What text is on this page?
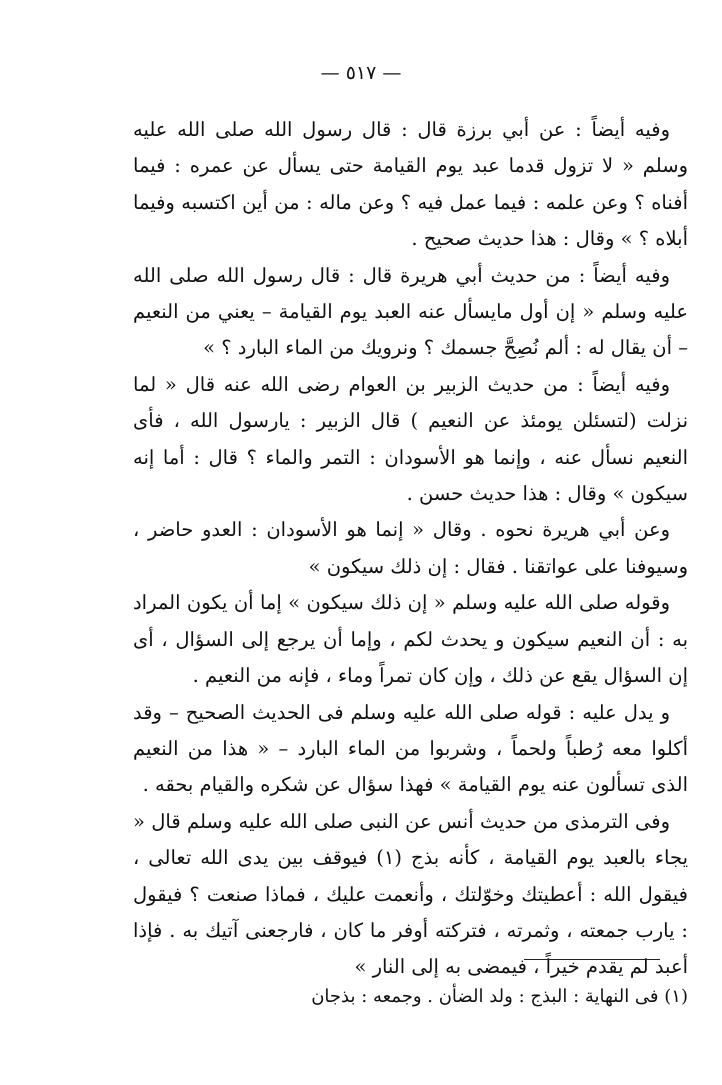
— ٥١٧ —

وفيه أيضاً : عن أبي برزة قال : قال رسول الله صلى الله عليه وسلم « لا تزول قدما عبد يوم القيامة حتى يسأل عن عمره : فيما أفناه ؟ وعن علمه : فيما عمل فيه ؟ وعن ماله : من أين اكتسبه وفيما أبلاه ؟ » وقال : هذا حديث صحيح .

وفيه أيضاً : من حديث أبي هريرة قال : قال رسول الله صلى الله عليه وسلم « إن أول مايسأل عنه العبد يوم القيامة – يعني من النعيم – أن يقال له : ألم نُصِحَّ جسمك ؟ ونرويك من الماء البارد ؟ »

وفيه أيضاً : من حديث الزبير بن العوام رضى الله عنه قال « لما نزلت (لتسئلن يومئذ عن النعيم ) قال الزبير : يارسول الله ، فأى النعيم نسأل عنه ، وإنما هو الأسودان : التمر والماء ؟ قال : أما إنه سيكون » وقال : هذا حديث حسن .

وعن أبي هريرة نحوه . وقال « إنما هو الأسودان : العدو حاضر ، وسيوفنا على عواتقنا . فقال : إن ذلك سيكون »

وقوله صلى الله عليه وسلم « إن ذلك سيكون » إما أن يكون المراد به : أن النعيم سيكون و يحدث لكم ، وإما أن يرجع إلى السؤال ، أى إن السؤال يقع عن ذلك ، وإن كان تمراً وماء ، فإنه من النعيم .

و يدل عليه : قوله صلى الله عليه وسلم فى الحديث الصحيح – وقد أكلوا معه رُطباً ولحماً ، وشربوا من الماء البارد – « هذا من النعيم الذى تسألون عنه يوم القيامة » فهذا سؤال عن شكره والقيام بحقه .

وفى الترمذى من حديث أنس عن النبى صلى الله عليه وسلم قال « يجاء بالعبد يوم القيامة ، كأنه بذج (١) فيوقف بين يدى الله تعالى ، فيقول الله : أعطيتك وخوّلتك ، وأنعمت عليك ، فماذا صنعت ؟ فيقول : يارب جمعته ، وثمرته ، فتركته أوفر ما كان ، فارجعنى آتيك به . فإذا أعبد لم يقدم خيراً ، فيمضى به إلى النار »

(١) فى النهاية : البذج : ولد الضأن . وجمعه : بذجان
